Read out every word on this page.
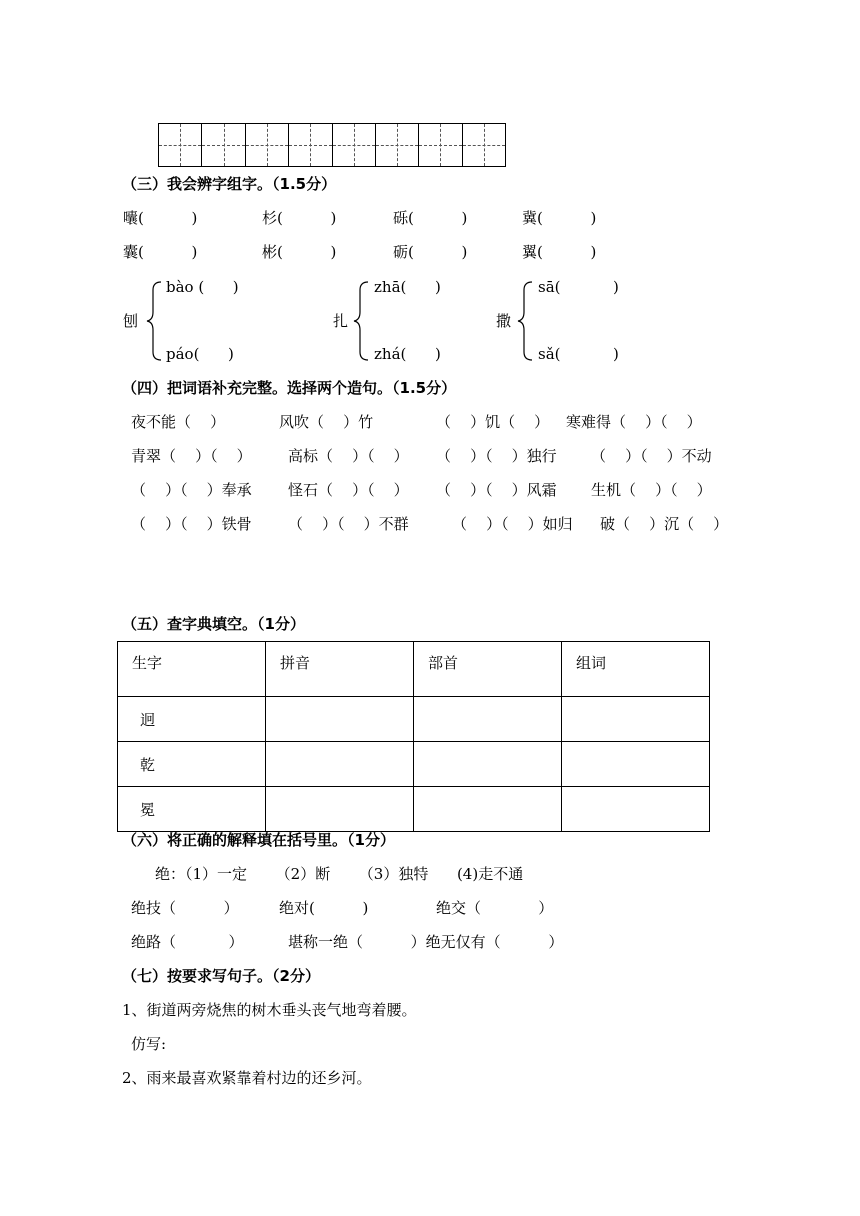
（三）我会辨字组字。（1.5分）
囔(          )	杉(          )	砾(          )	冀(          )
囊(          )	彬(          )	砺(          )	翼(          )
刨
bào (      )
páo(      )
扎
zhā(      )
zhá(      )
撒
sā(           )
sǎ(           )
（四）把词语补充完整。选择两个造句。（1.5分）
夜不能（    ）	风吹（    ）竹	（    ）饥（    ） 寒难得（    ）（    ）
青翠（    ）（    ） 高标（    ）（    ） （    ）（    ）独行 （    ）（    ）不动
（    ）（    ）奉承 怪石（    ）（    ） （    ）（    ）风霜 生机（    ）（    ）
（    ）（    ）铁骨 （    ）（    ）不群	（    ）（    ）如归 破（    ）沉（    ）
（五）查字典填空。（1分）
生字	拼音	部首	组词
迥			
乾			
冕			
（六）将正确的解释填在括号里。（1分）
绝：（1）一定      （2）断      （3）独特      (4)走不通
绝技（          ）	绝对(          )	绝交（            ）
绝路（           ）	堪称一绝（          ）绝无仅有（          ）
（七）按要求写句子。（2分）
1、街道两旁烧焦的树木垂头丧气地弯着腰。
仿写:
2、雨来最喜欢紧靠着村边的还乡河。
